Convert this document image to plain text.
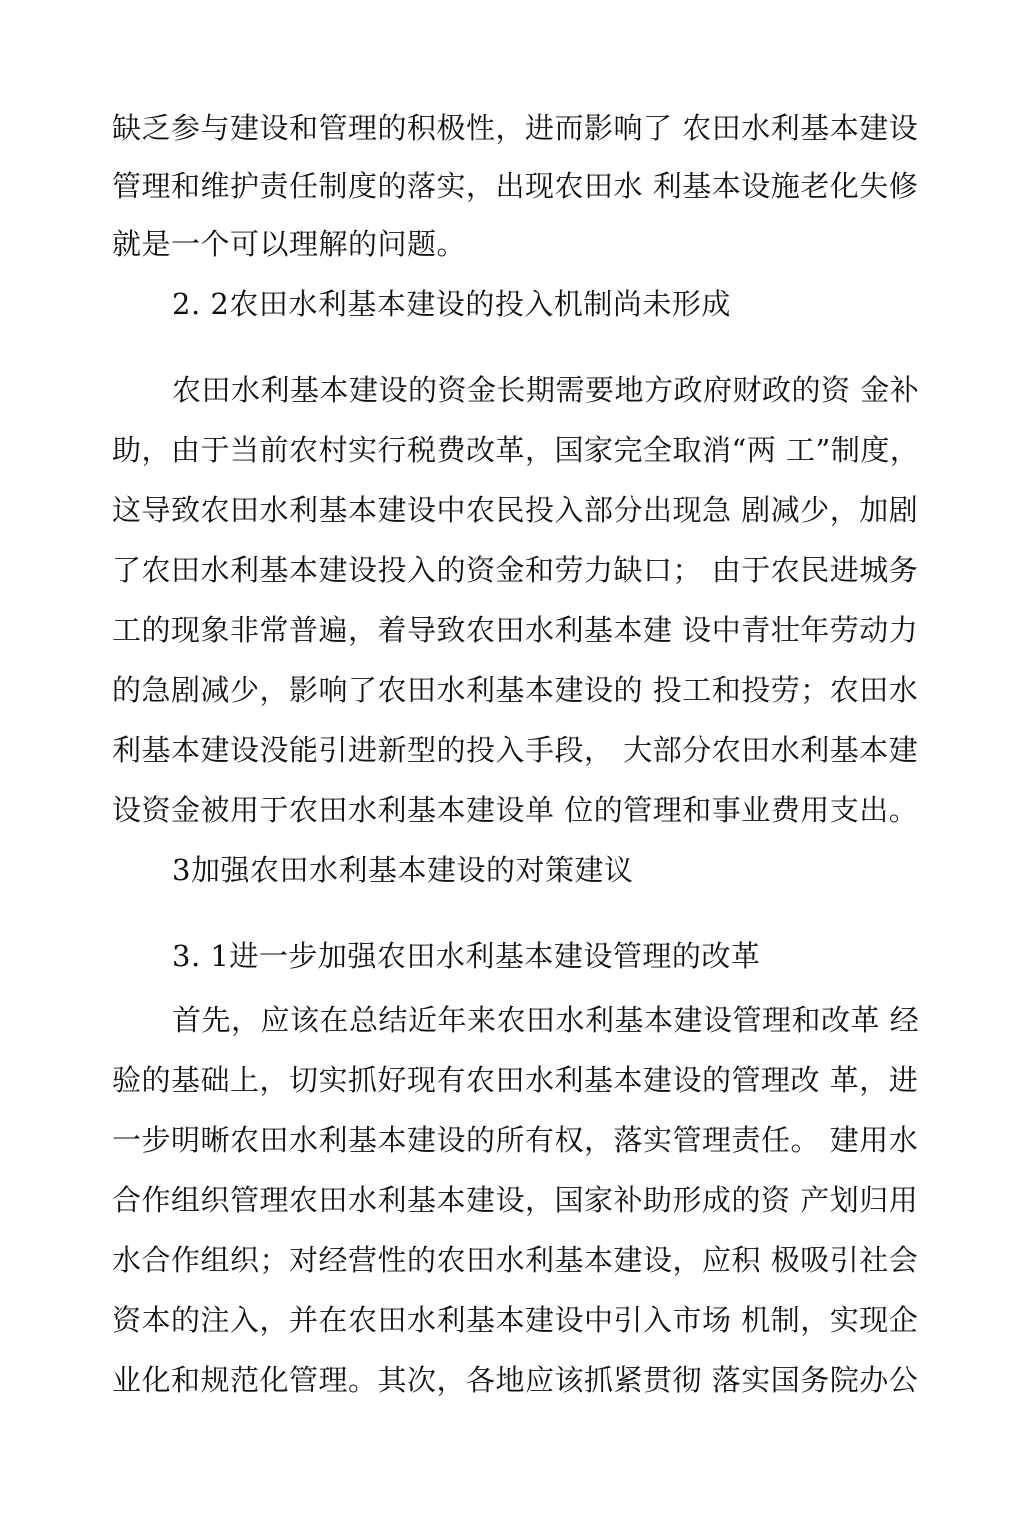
缺乏参与建设和管理的积极性，进而影响了 农田水利基本建设
管理和维护责任制度的落实，出现农田水 利基本设施老化失修
就是一个可以理解的问题。
2. 2农田水利基本建设的投入机制尚未形成
农田水利基本建设的资金长期需要地方政府财政的资 金补
助，由于当前农村实行税费改革，国家完全取消“两 工”制度，
这导致农田水利基本建设中农民投入部分出现急 剧减少，加剧
了农田水利基本建设投入的资金和劳力缺口； 由于农民进城务
工的现象非常普遍，着导致农田水利基本建 设中青壮年劳动力
的急剧减少，影响了农田水利基本建设的 投工和投劳；农田水
利基本建设没能引进新型的投入手段， 大部分农田水利基本建
设资金被用于农田水利基本建设单 位的管理和事业费用支出。
3加强农田水利基本建设的对策建议
3. 1进一步加强农田水利基本建设管理的改革
首先，应该在总结近年来农田水利基本建设管理和改革 经
验的基础上，切实抓好现有农田水利基本建设的管理改 革，进
一步明晰农田水利基本建设的所有权，落实管理责任。 建用水
合作组织管理农田水利基本建设，国家补助形成的资 产划归用
水合作组织；对经营性的农田水利基本建设，应积 极吸引社会
资本的注入，并在农田水利基本建设中引入市场 机制，实现企
业化和规范化管理。其次，各地应该抓紧贯彻 落实国务院办公
